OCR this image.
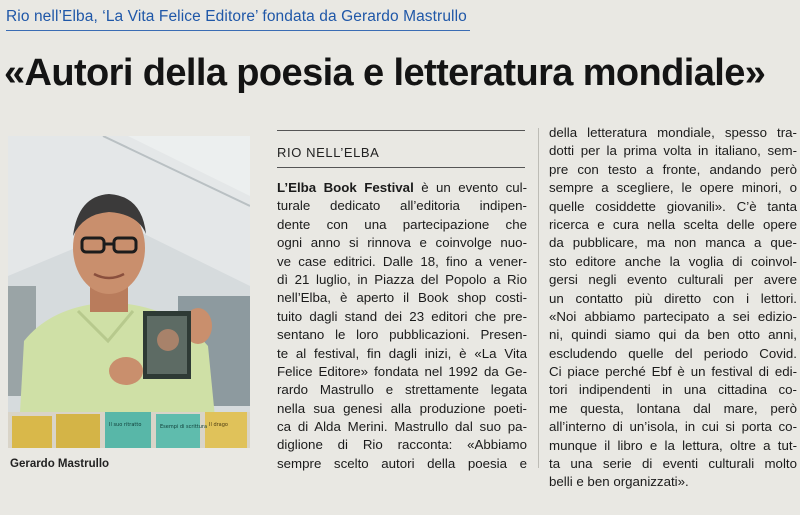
Rio nell’Elba, ‘La Vita Felice Editore’ fondata da Gerardo Mastrullo
«Autori della poesia e letteratura mondiale»
Il suo ritratto	Esempi di scrittura Il drago
Gerardo Mastrullo
RIO NELL’ELBA
L’Elba Book Festival è un evento cul-
turale dedicato all’editoria indipen-
dente con una partecipazione che
ogni anno si rinnova e coinvolge nuo-
ve case editrici. Dalle 18, fino a vener-
dì 21 luglio, in Piazza del Popolo a Rio
nell’Elba, è aperto il Book shop costi-
tuito dagli stand dei 23 editori che pre-
sentano le loro pubblicazioni. Presen-
te al festival, fin dagli inizi, è «La Vita
Felice Editore» fondata nel 1992 da Ge-
rardo Mastrullo e strettamente legata
nella sua genesi alla produzione poeti-
ca di Alda Merini. Mastrullo dal suo pa-
diglione di Rio racconta: «Abbiamo
sempre scelto autori della poesia e
della letteratura mondiale, spesso tra-
dotti per la prima volta in italiano, sem-
pre con testo a fronte, andando però
sempre a scegliere, le opere minori, o
quelle cosiddette giovanili». C’è tanta
ricerca e cura nella scelta delle opere
da pubblicare, ma non manca a que-
sto editore anche la voglia di coinvol-
gersi negli evento culturali per avere
un contatto più diretto con i lettori.
«Noi abbiamo partecipato a sei edizio-
ni, quindi siamo qui da ben otto anni,
escludendo quelle del periodo Covid.
Ci piace perché Ebf è un festival di edi-
tori indipendenti in una cittadina co-
me questa, lontana dal mare, però
all’interno di un’isola, in cui si porta co-
munque il libro e la lettura, oltre a tut-
ta una serie di eventi culturali molto
belli e ben organizzati».
